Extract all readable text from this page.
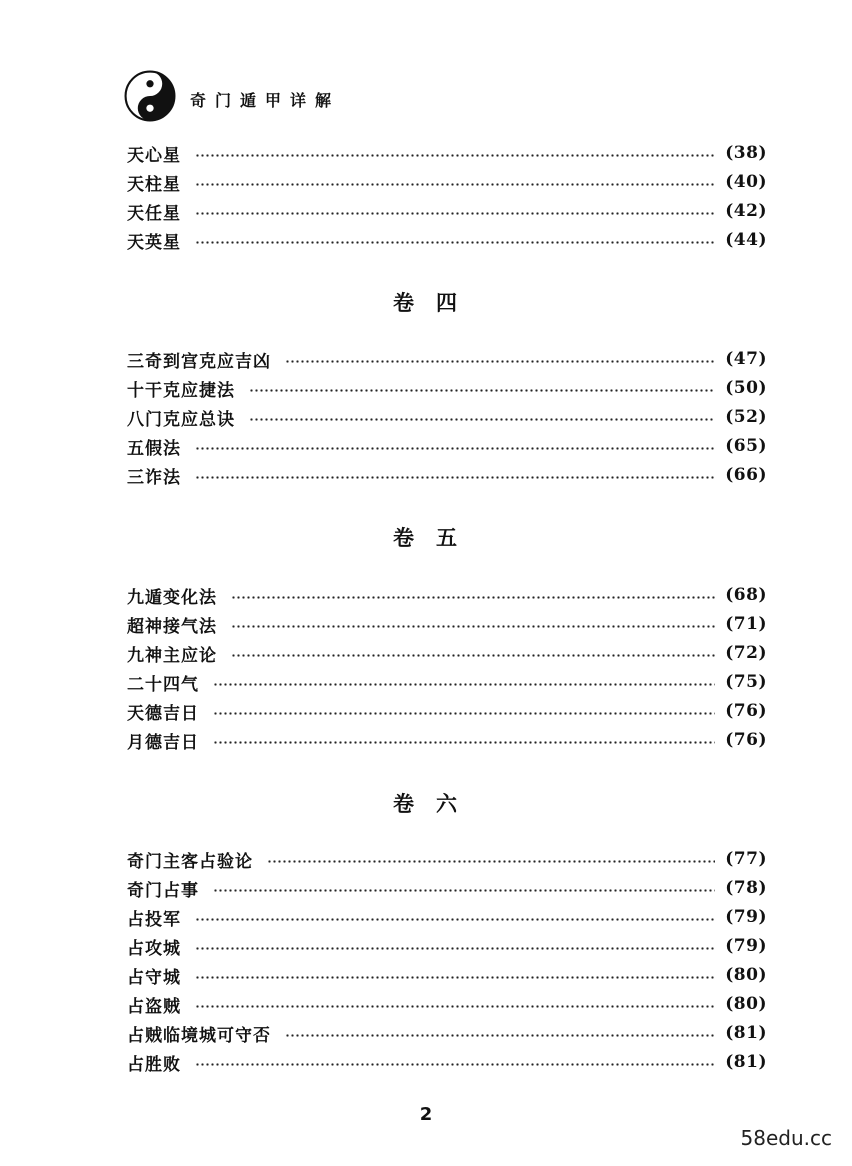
奇门遁甲详解
天心星	(38)
天柱星	(40)
天任星	(42)
天英星	(44)
卷四
三奇到宫克应吉凶	(47)
十干克应捷法	(50)
八门克应总诀	(52)
五假法	(65)
三诈法	(66)
卷五
九遁变化法	(68)
超神接气法	(71)
九神主应论	(72)
二十四气	(75)
天德吉日	(76)
月德吉日	(76)
卷六
奇门主客占验论	(77)
奇门占事	(78)
占投军	(79)
占攻城	(79)
占守城	(80)
占盗贼	(80)
占贼临境城可守否	(81)
占胜败	(81)
2
58edu.cc
